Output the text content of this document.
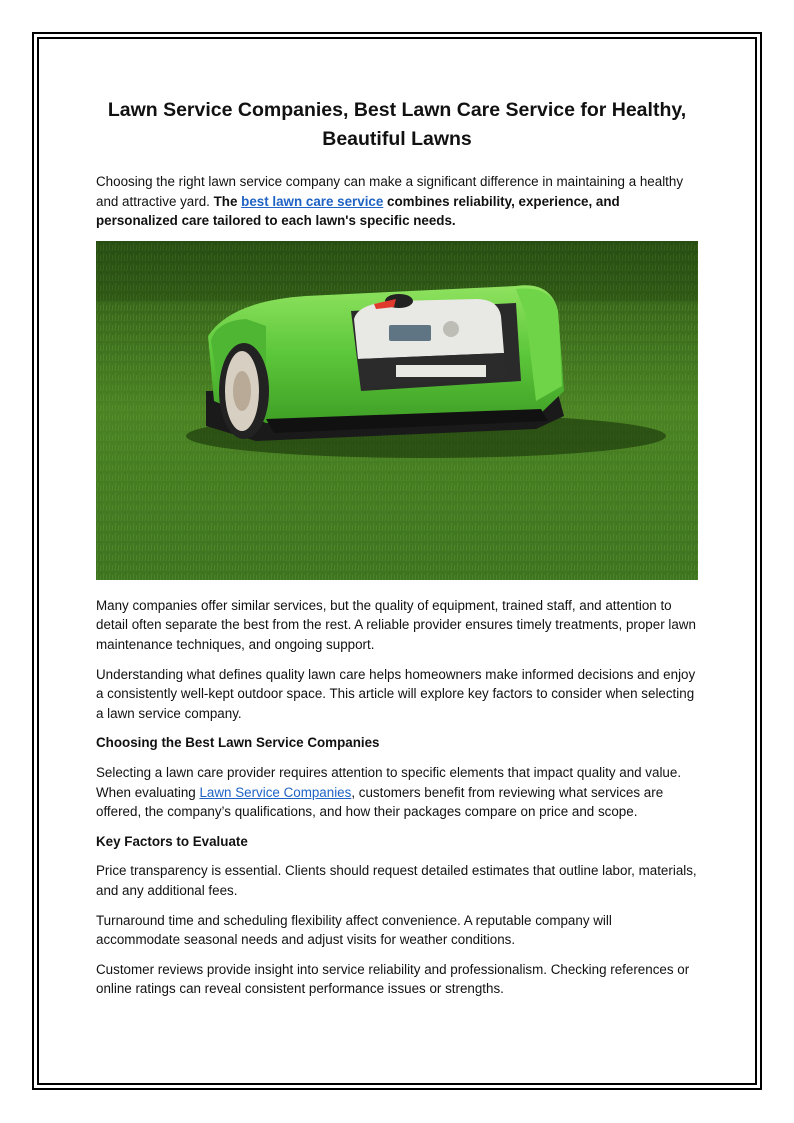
Lawn Service Companies, Best Lawn Care Service for Healthy, Beautiful Lawns

Choosing the right lawn service company can make a significant difference in maintaining a healthy and attractive yard. The best lawn care service combines reliability, experience, and personalized care tailored to each lawn's specific needs.

Many companies offer similar services, but the quality of equipment, trained staff, and attention to detail often separate the best from the rest. A reliable provider ensures timely treatments, proper lawn maintenance techniques, and ongoing support.

Understanding what defines quality lawn care helps homeowners make informed decisions and enjoy a consistently well-kept outdoor space. This article will explore key factors to consider when selecting a lawn service company.

Choosing the Best Lawn Service Companies

Selecting a lawn care provider requires attention to specific elements that impact quality and value. When evaluating Lawn Service Companies, customers benefit from reviewing what services are offered, the company’s qualifications, and how their packages compare on price and scope.

Key Factors to Evaluate

Price transparency is essential. Clients should request detailed estimates that outline labor, materials, and any additional fees.

Turnaround time and scheduling flexibility affect convenience. A reputable company will accommodate seasonal needs and adjust visits for weather conditions.

Customer reviews provide insight into service reliability and professionalism. Checking references or online ratings can reveal consistent performance issues or strengths.
